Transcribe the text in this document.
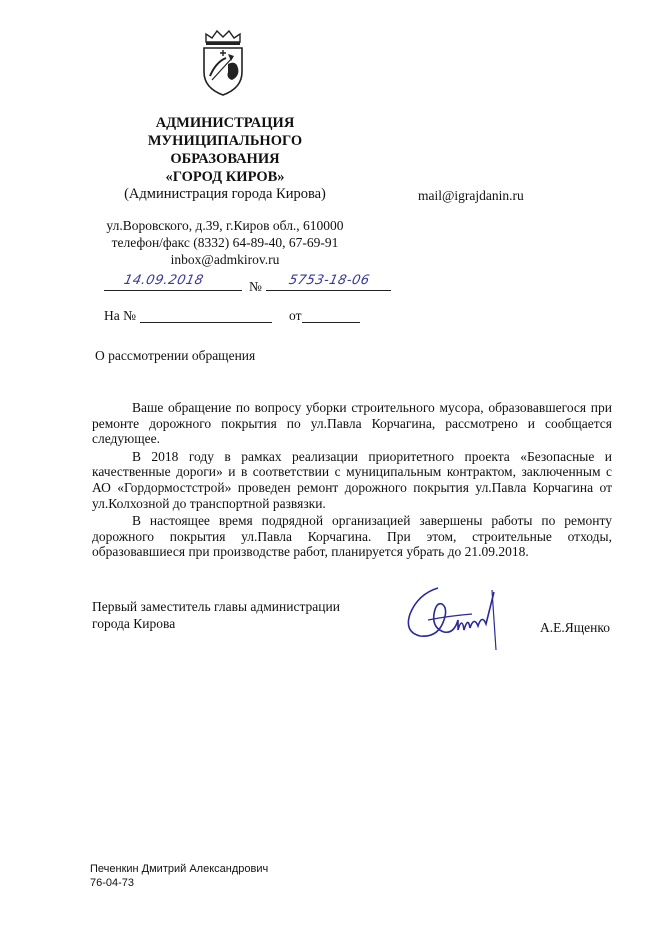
АДМИНИСТРАЦИЯ
МУНИЦИПАЛЬНОГО
ОБРАЗОВАНИЯ
«ГОРОД КИРОВ»
(Администрация города Кирова)	mail@igrajdanin.ru
ул.Воровского, д.39, г.Киров обл., 610000
телефон/факс (8332) 64-89-40, 67-69-91
inbox@admkirov.ru
14.09.2018	№ 5753-18-06
На №	от
О рассмотрении обращения

Ваше обращение по вопросу уборки строительного мусора, образовавшегося при ремонте дорожного покрытия по ул.Павла Корчагина, рассмотрено и сообщается следующее.

В 2018 году в рамках реализации приоритетного проекта «Безопасные и качественные дороги» и в соответствии с муниципальным контрактом, заключенным с АО «Гордормостстрой» проведен ремонт дорожного покрытия ул.Павла Корчагина от ул.Колхозной до транспортной развязки.

В настоящее время подрядной организацией завершены работы по ремонту дорожного покрытия ул.Павла Корчагина. При этом, строительные отходы, образовавшиеся при производстве работ, планируется убрать до 21.09.2018.

Первый заместитель главы администрации
города Кирова	А.Е.Ященко
Печенкин Дмитрий Александрович
76-04-73
